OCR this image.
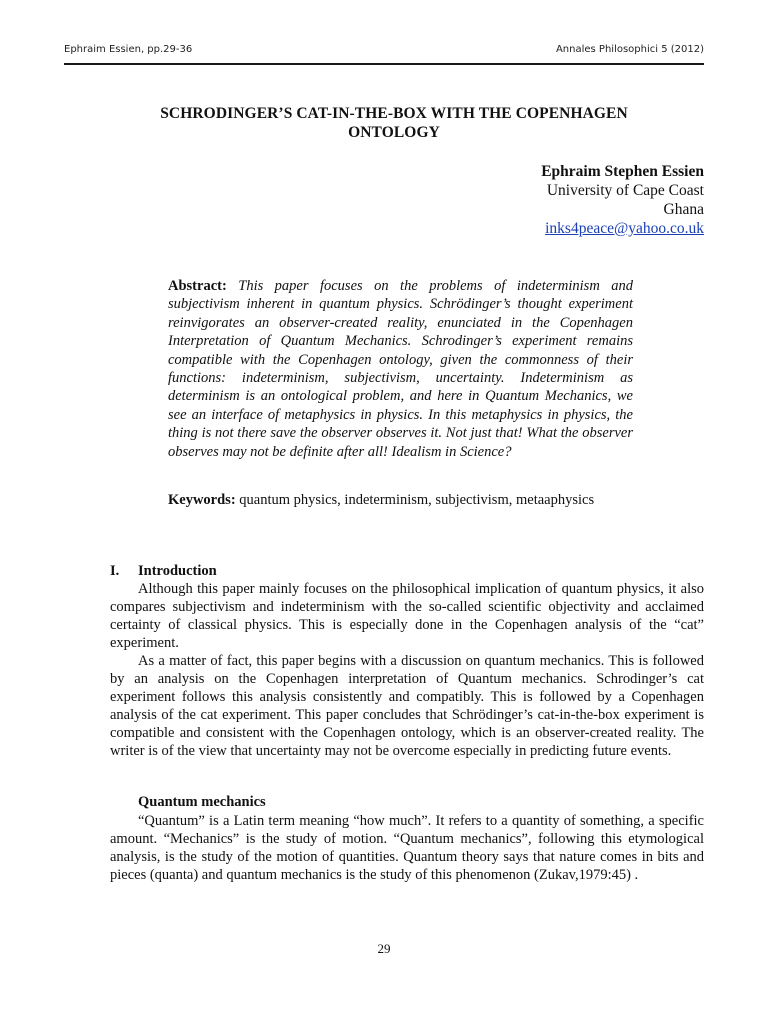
Ephraim Essien, pp.29-36	Annales Philosophici 5 (2012)
SCHRODINGER’S CAT-IN-THE-BOX WITH THE COPENHAGEN
ONTOLOGY
Ephraim Stephen Essien
University of Cape Coast
Ghana
inks4peace@yahoo.co.uk
Abstract: This paper focuses on the problems of indeterminism and subjectivism inherent in quantum physics. Schrödinger’s thought experiment reinvigorates an observer-created reality, enunciated in the Copenhagen Interpretation of Quantum Mechanics. Schrodinger’s experiment remains compatible with the Copenhagen ontology, given the commonness of their functions: indeterminism, subjectivism, uncertainty. Indeterminism as determinism is an ontological problem, and here in Quantum Mechanics, we see an interface of metaphysics in physics. In this metaphysics in physics, the thing is not there save the observer observes it. Not just that! What the observer observes may not be definite after all! Idealism in Science?
Keywords: quantum physics, indeterminism, subjectivism, metaaphysics
I. Introduction

Although this paper mainly focuses on the philosophical implication of quantum physics, it also compares subjectivism and indeterminism with the so-called scientific objectivity and acclaimed certainty of classical physics. This is especially done in the Copenhagen analysis of the “cat” experiment.

As a matter of fact, this paper begins with a discussion on quantum mechanics. This is followed by an analysis on the Copenhagen interpretation of Quantum mechanics. Schrodinger’s cat experiment follows this analysis consistently and compatibly. This is followed by a Copenhagen analysis of the cat experiment. This paper concludes that Schrödinger’s cat-in-the-box experiment is compatible and consistent with the Copenhagen ontology, which is an observer-created reality. The writer is of the view that uncertainty may not be overcome especially in predicting future events.

Quantum mechanics

“Quantum” is a Latin term meaning “how much”. It refers to a quantity of something, a specific amount. “Mechanics” is the study of motion. “Quantum mechanics”, following this etymological analysis, is the study of the motion of quantities. Quantum theory says that nature comes in bits and pieces (quanta) and quantum mechanics is the study of this phenomenon (Zukav,1979:45) .

29
